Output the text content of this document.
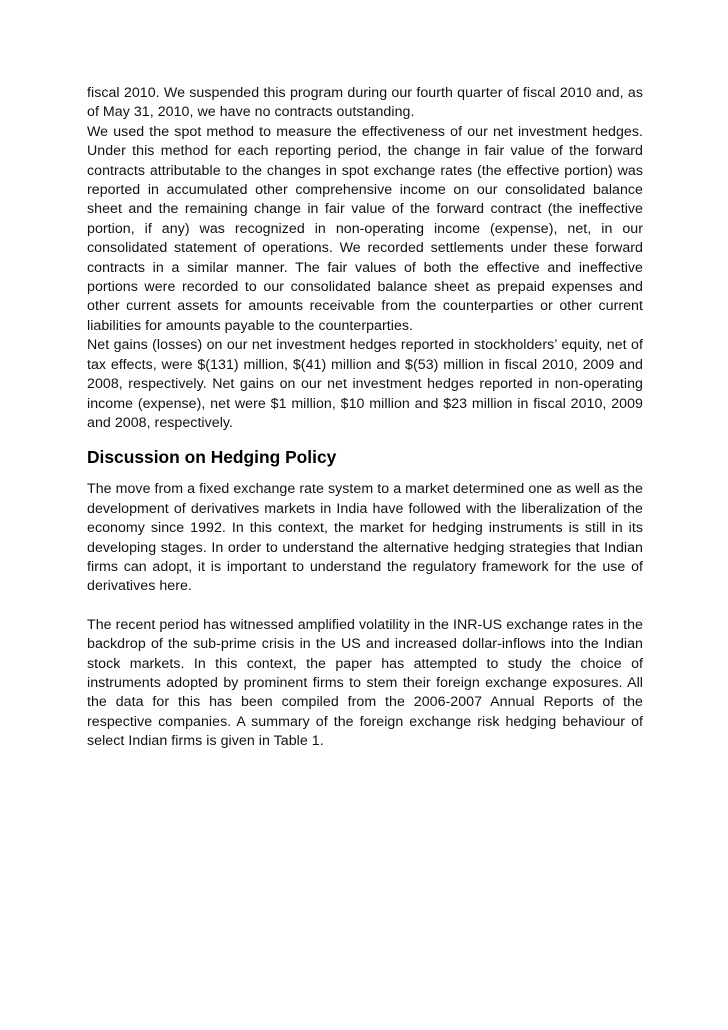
fiscal 2010. We suspended this program during our fourth quarter of fiscal 2010 and, as of May 31, 2010, we have no contracts outstanding.

We used the spot method to measure the effectiveness of our net investment hedges. Under this method for each reporting period, the change in fair value of the forward contracts attributable to the changes in spot exchange rates (the effective portion) was reported in accumulated other comprehensive income on our consolidated balance sheet and the remaining change in fair value of the forward contract (the ineffective portion, if any) was recognized in non-operating income (expense), net, in our consolidated statement of operations. We recorded settlements under these forward contracts in a similar manner. The fair values of both the effective and ineffective portions were recorded to our consolidated balance sheet as prepaid expenses and other current assets for amounts receivable from the counterparties or other current liabilities for amounts payable to the counterparties.

Net gains (losses) on our net investment hedges reported in stockholders’ equity, net of tax effects, were $(131) million, $(41) million and $(53) million in fiscal 2010, 2009 and 2008, respectively. Net gains on our net investment hedges reported in non-operating income (expense), net were $1 million, $10 million and $23 million in fiscal 2010, 2009 and 2008, respectively.

Discussion on Hedging Policy

The move from a fixed exchange rate system to a market determined one as well as the development of derivatives markets in India have followed with the liberalization of the economy since 1992. In this context, the market for hedging instruments is still in its developing stages. In order to understand the alternative hedging strategies that Indian firms can adopt, it is important to understand the regulatory framework for the use of derivatives here.

The recent period has witnessed amplified volatility in the INR-US exchange rates in the backdrop of the sub-prime crisis in the US and increased dollar-inflows into the Indian stock markets. In this context, the paper has attempted to study the choice of instruments adopted by prominent firms to stem their foreign exchange exposures. All the data for this has been compiled from the 2006-2007 Annual Reports of the respective companies. A summary of the foreign exchange risk hedging behaviour of select Indian firms is given in Table 1.
